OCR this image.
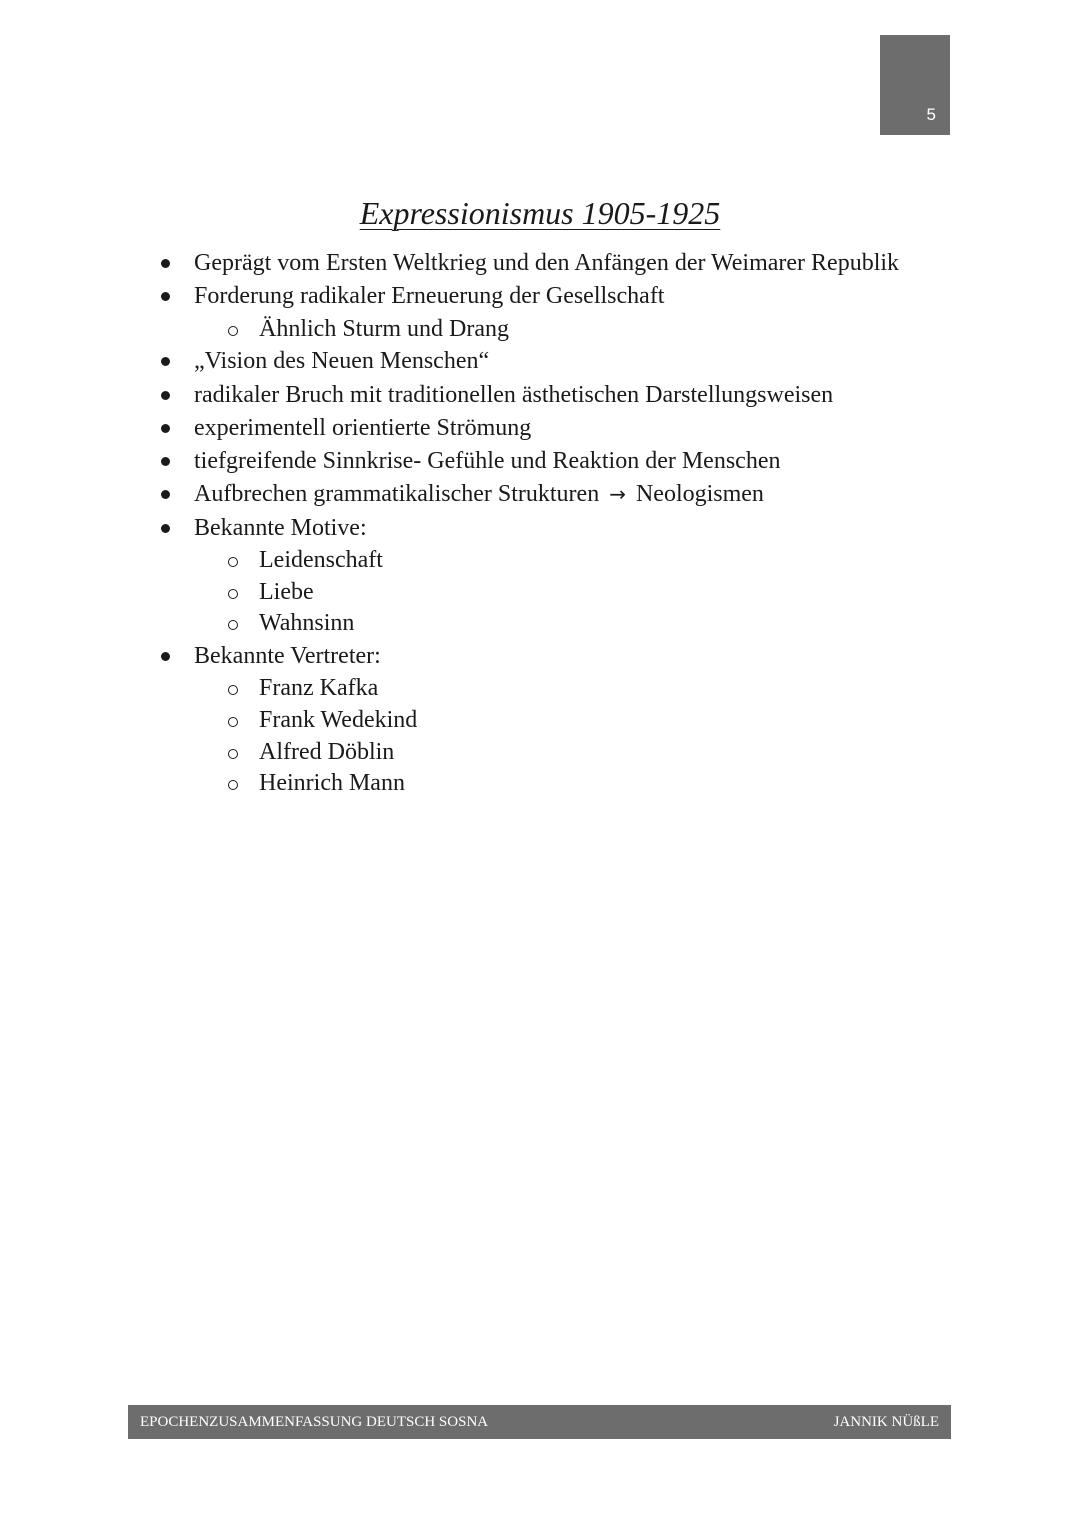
5
Expressionismus 1905-1925
Geprägt vom Ersten Weltkrieg und den Anfängen der Weimarer Republik
Forderung radikaler Erneuerung der Gesellschaft
Ähnlich Sturm und Drang
„Vision des Neuen Menschen“
radikaler Bruch mit traditionellen ästhetischen Darstellungsweisen
experimentell orientierte Strömung
tiefgreifende Sinnkrise- Gefühle und Reaktion der Menschen
Aufbrechen grammatikalischer Strukturen → Neologismen
Bekannte Motive:
Leidenschaft
Liebe
Wahnsinn
Bekannte Vertreter:
Franz Kafka
Frank Wedekind
Alfred Döblin
Heinrich Mann
EPOCHENZUSAMMENFASSUNG DEUTSCH SOSNA	JANNIK NÜßLE
